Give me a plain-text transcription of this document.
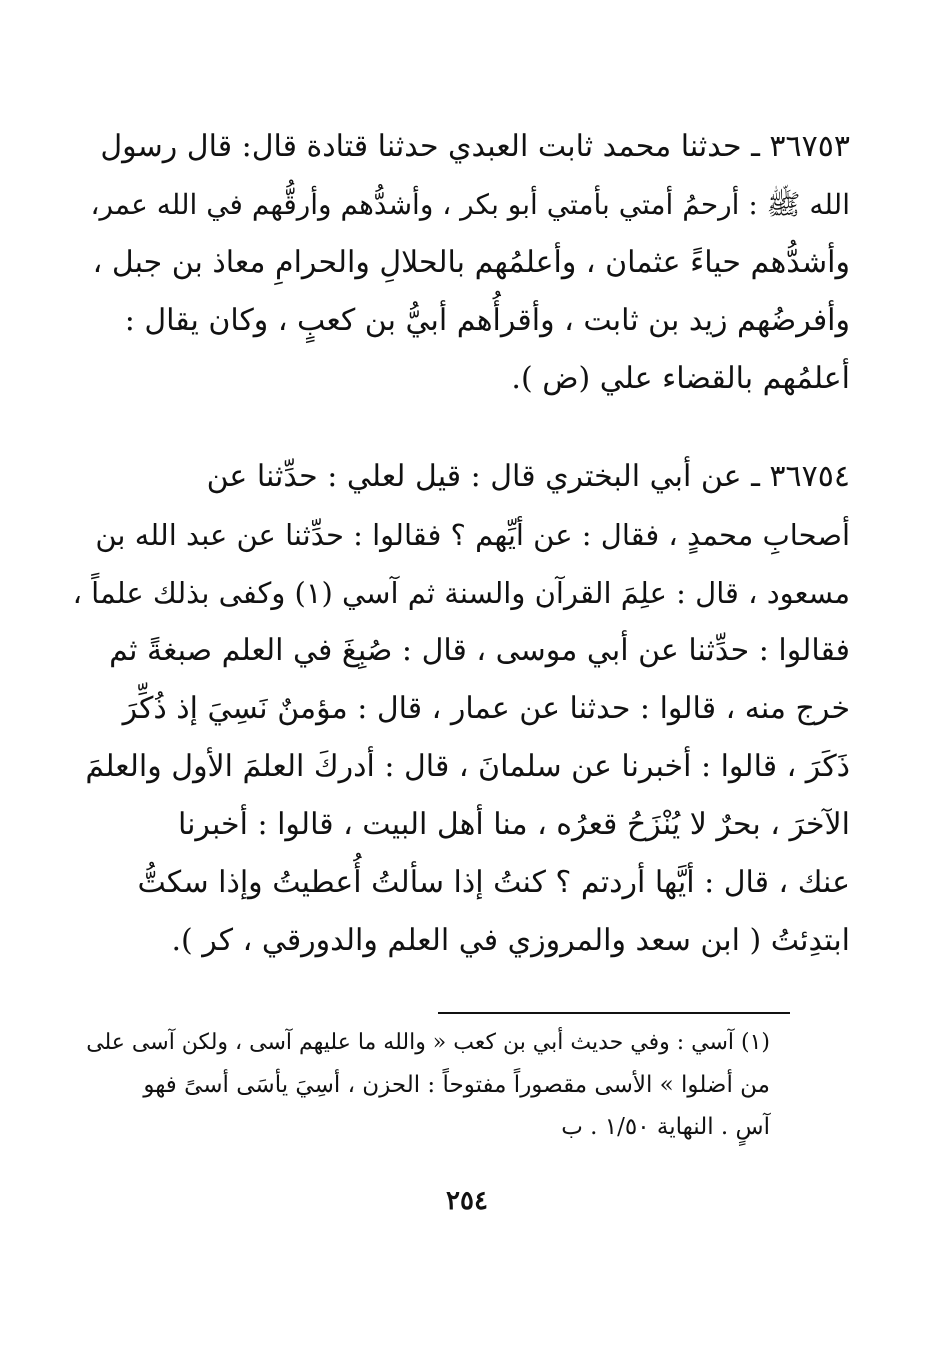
٣٦٧٥٣ ـ حدثنا محمد ثابت العبدي حدثنا قتادة قال: قال رسول
الله ﷺ : أرحمُ أمتي بأمتي أبو بكر ، وأشدُّهم وأرقُّهم في الله عمر،
وأشدُّهم حياءً عثمان ، وأعلمُهم بالحلالِ والحرامِ معاذ بن جبل ،
وأفرضُهم زيد بن ثابت ، وأقرأُهم أبيُّ بن كعبٍ ، وكان يقال :
أعلمُهم بالقضاء علي (ض ).
٣٦٧٥٤ ـ عن أبي البختري قال : قيل لعلي : حدِّثنا عن
أصحابِ محمدٍ ، فقال : عن أيِّهم ؟ فقالوا : حدِّثنا عن عبد الله بن
مسعود ، قال : علِمَ القرآن والسنة ثم آسي (١) وكفى بذلك علماً ،
فقالوا : حدِّثنا عن أبي موسى ، قال : صُبِغَ في العلم صبغةً ثم
خرج منه ، قالوا : حدثنا عن عمار ، قال : مؤمنٌ نَسِيَ إذ ذُكِّرَ
ذَكَرَ ، قالوا : أخبرنا عن سلمانَ ، قال : أدركَ العلمَ الأول والعلمَ
الآخرَ ، بحرٌ لا يُنْزَحُ قعرُه ، منا أهل البيت ، قالوا : أخبرنا
عنك ، قال : أيَّها أردتم ؟ كنتُ إذا سألتُ أُعطيتُ وإذا سكتُّ
ابتدِئتُ ( ابن سعد والمروزي في العلم والدورقي ، كر ).
(١) آسي : وفي حديث أبي بن كعب « والله ما عليهم آسى ، ولكن آسى على
من أضلوا » الأسى مقصوراً مفتوحاً : الحزن ، أسِيَ يأسَى أسىً فهو
آسٍ . النهاية ١/٥٠ . ب
٢٥٤
